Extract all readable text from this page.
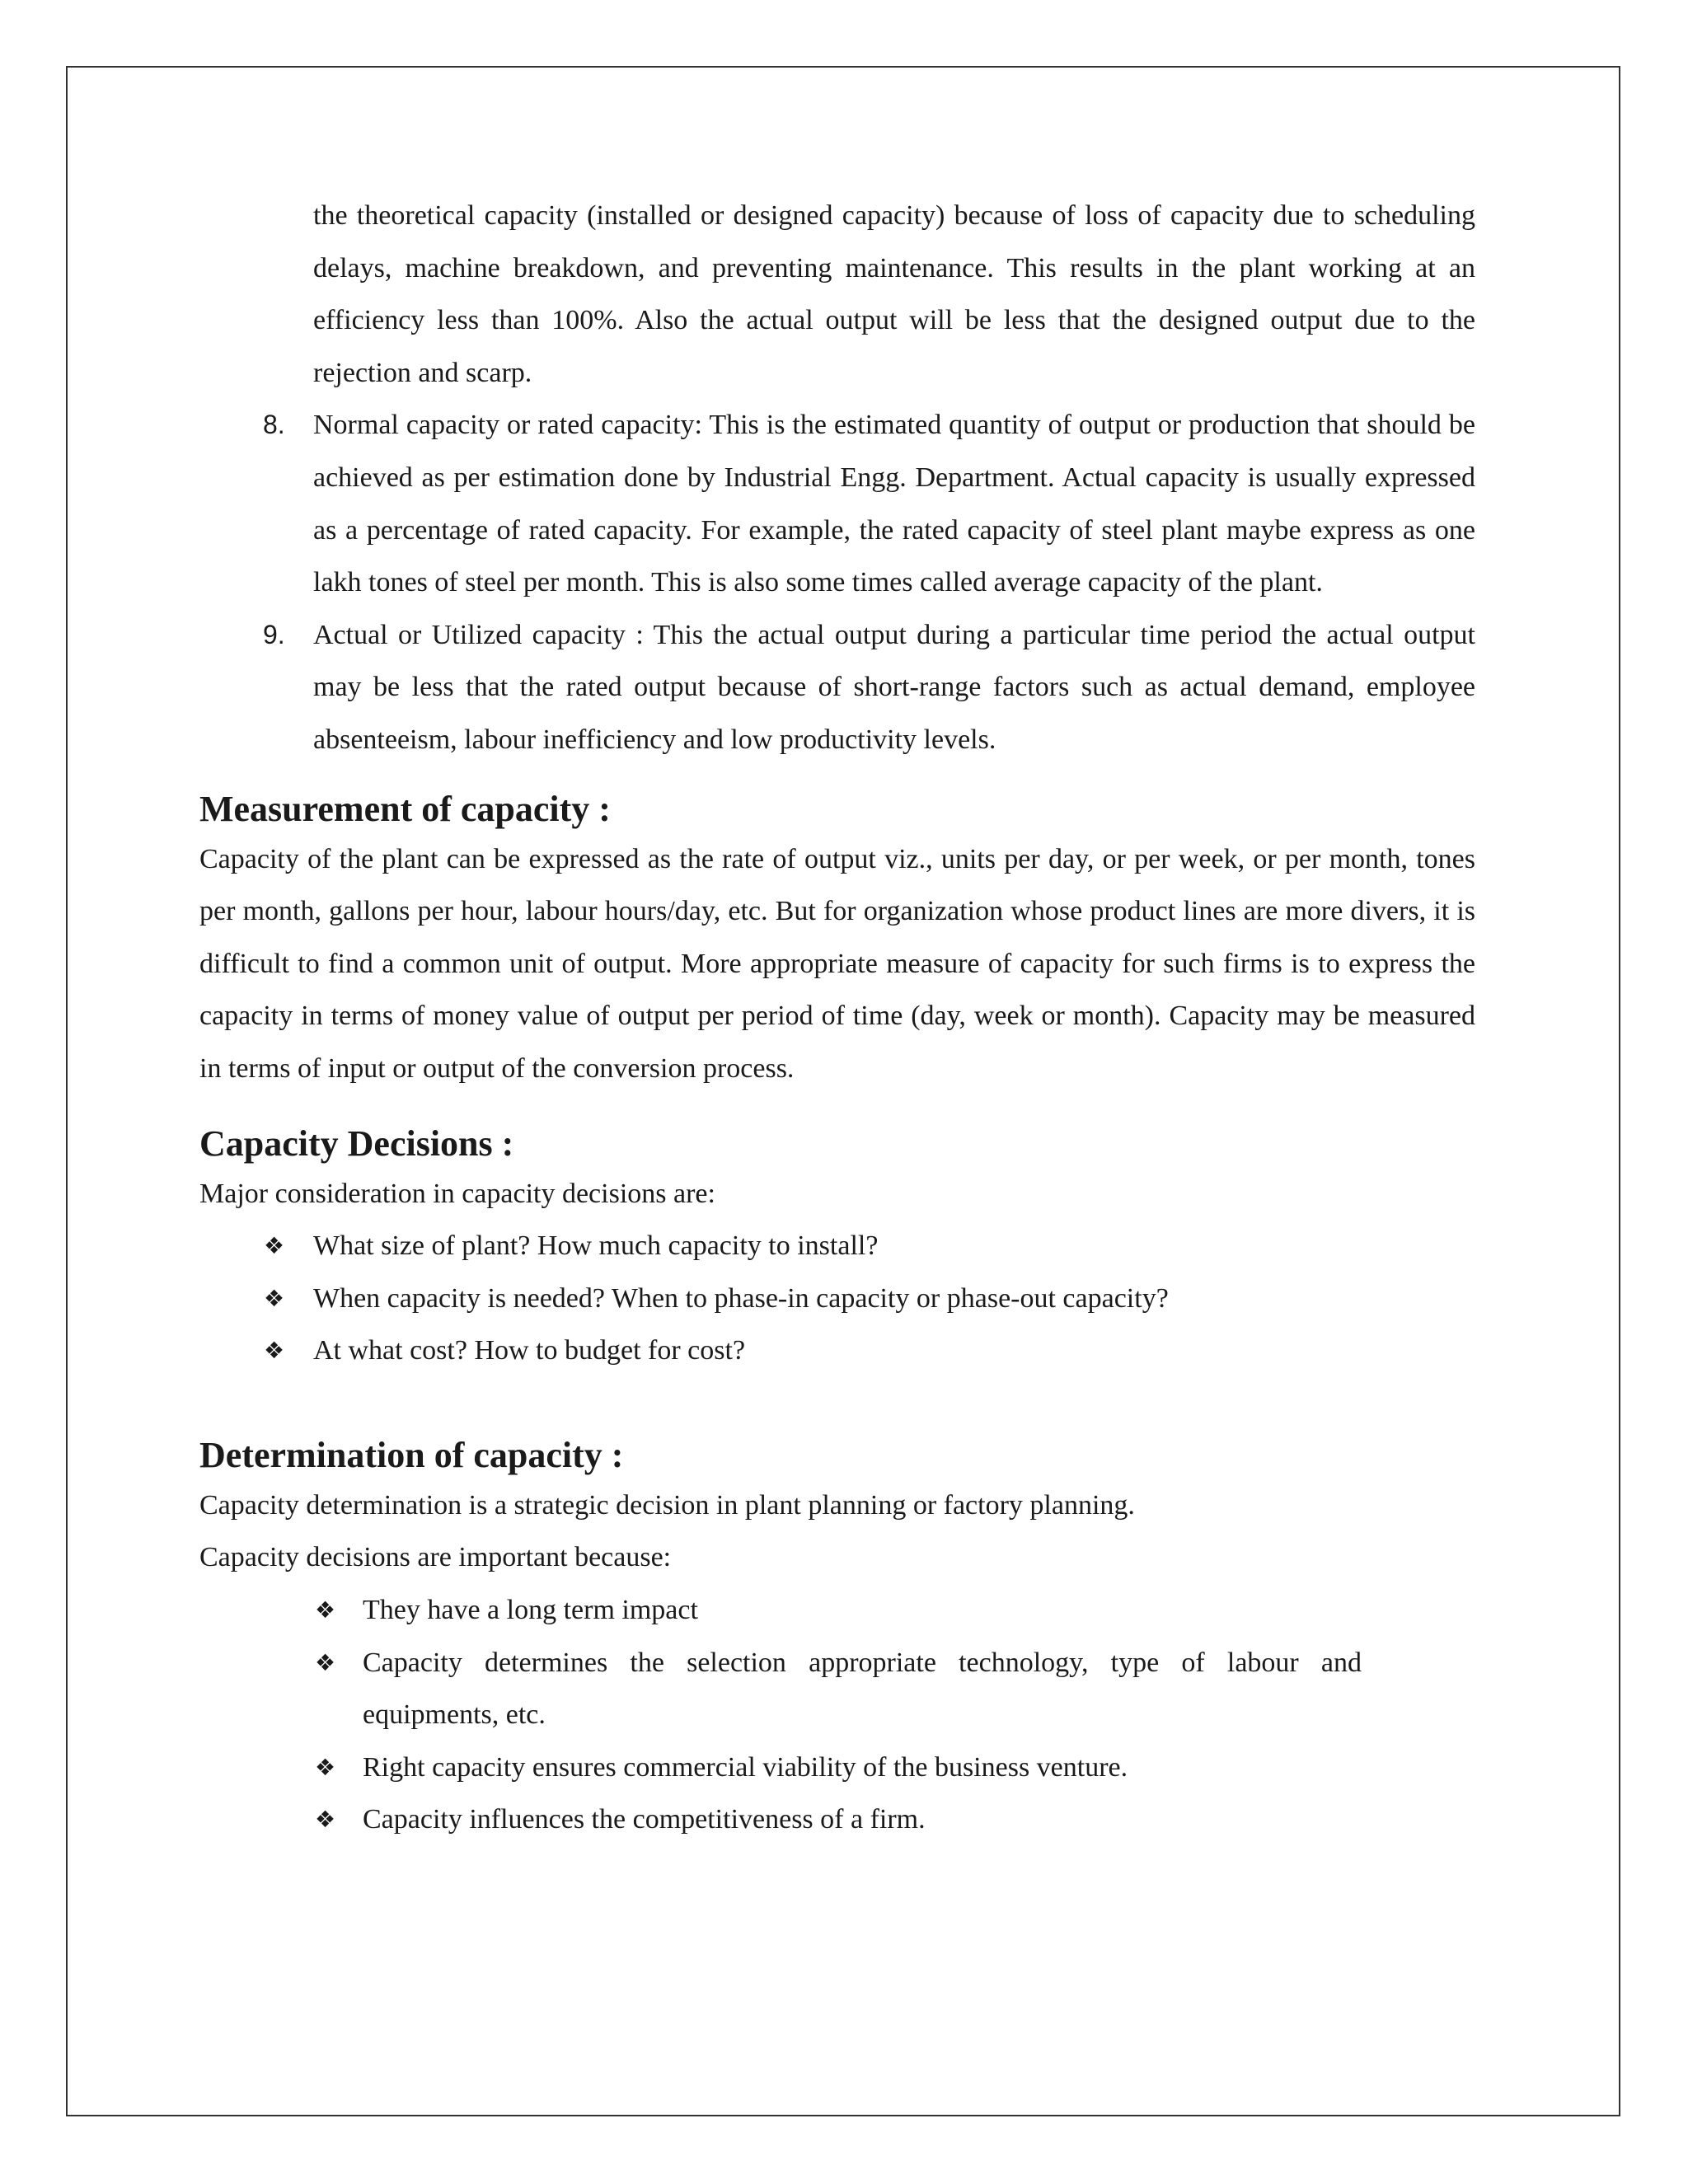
the theoretical capacity (installed or designed capacity) because of loss of capacity due to scheduling delays, machine breakdown, and preventing maintenance. This results in the plant working at an efficiency less than 100%. Also the actual output will be less that the designed output due to the rejection and scarp.

8. Normal capacity or rated capacity: This is the estimated quantity of output or production that should be achieved as per estimation done by Industrial Engg. Department. Actual capacity is usually expressed as a percentage of rated capacity. For example, the rated capacity of steel plant maybe express as one lakh tones of steel per month. This is also some times called average capacity of the plant.

9. Actual or Utilized capacity : This the actual output during a particular time period the actual output may be less that the rated output because of short-range factors such as actual demand, employee absenteeism, labour inefficiency and low productivity levels.

Measurement of capacity :

Capacity of the plant can be expressed as the rate of output viz., units per day, or per week, or per month, tones per month, gallons per hour, labour hours/day, etc. But for organization whose product lines are more divers, it is difficult to find a common unit of output. More appropriate measure of capacity for such firms is to express the capacity in terms of money value of output per period of time (day, week or month). Capacity may be measured in terms of input or output of the conversion process.

Capacity Decisions :

Major consideration in capacity decisions are:

❖ What size of plant? How much capacity to install?
❖ When capacity is needed? When to phase-in capacity or phase-out capacity?
❖ At what cost? How to budget for cost?
Determination of capacity :

Capacity determination is a strategic decision in plant planning or factory planning.

Capacity decisions are important because:

❖ They have a long term impact
❖ Capacity determines the selection appropriate technology, type of labour and equipments, etc.
❖ Right capacity ensures commercial viability of the business venture.
❖ Capacity influences the competitiveness of a firm.
